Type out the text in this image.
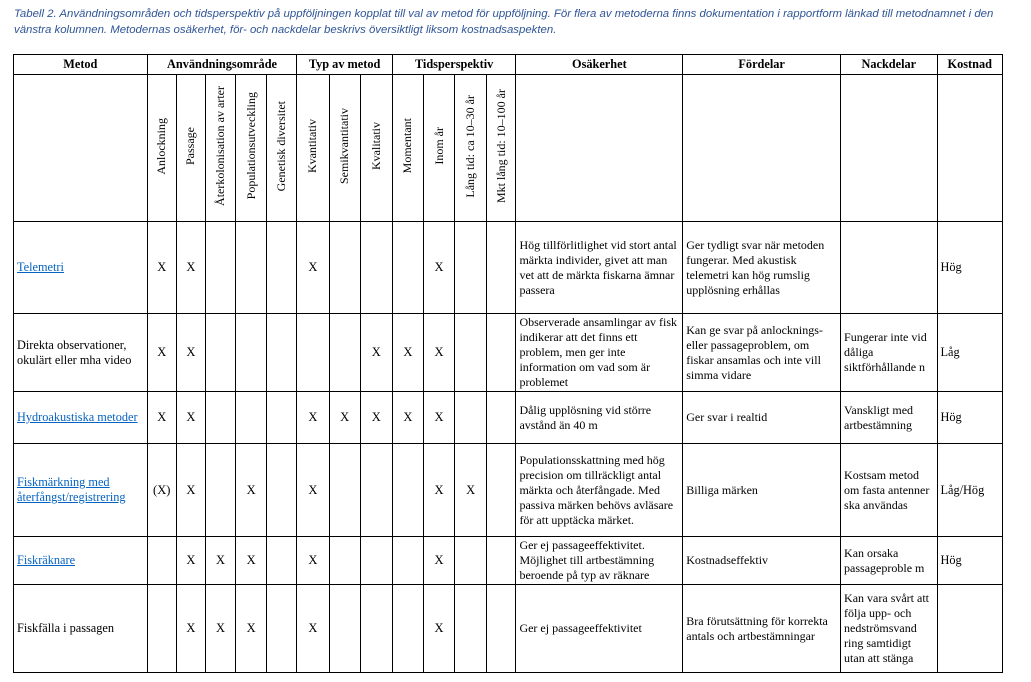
Tabell 2. Användningsområden och tidsperspektiv på uppföljningen kopplat till val av metod för uppföljning. För flera av metoderna finns dokumentation i rapportform länkad till metodnamnet i den vänstra kolumnen. Metodernas osäkerhet, för- och nackdelar beskrivs översiktligt liksom kostnadsaspekten.
Metod	Användningsområde					Typ av metod			Tidsperspektiv				Osäkerhet	Fördelar	Nackdelar	Kostnad
	Anlockning	Passage	Återkolonisation av arter	Populationsutveckling	Genetisk diversitet	Kvantitativ	Semikvantitativ	Kvalitativ	Momentant	Inom år	Lång tid: ca 10–30 år	Mkt lång tid: 10–100 år				
Telemetri	X	X				X				X			Hög tillförlitlighet vid stort antal märkta individer, givet att man vet att de märkta fiskarna ämnar passera	Ger tydligt svar när metoden fungerar. Med akustisk telemetri kan hög rumslig upplösning erhållas		Hög
Direkta observationer, okulärt eller mha video	X	X						X	X	X			Observerade ansamlingar av fisk indikerar att det finns ett problem, men ger inte information om vad som är problemet	Kan ge svar på anlocknings- eller passageproblem, om fiskar ansamlas och inte vill simma vidare	Fungerar inte vid dåliga siktförhållande n	Låg
Hydroakustiska metoder	X	X				X	X	X	X	X			Dålig upplösning vid större avstånd än 40 m	Ger svar i realtid	Vanskligt med artbestämning	Hög
Fiskmärkning med återfångst/registrering	(X)	X		X		X				X	X		Populationsskattning med hög precision om tillräckligt antal märkta och återfångade. Med passiva märken behövs avläsare för att upptäcka märket.	Billiga märken	Kostsam metod om fasta antenner ska användas	Låg/Hög
Fiskräknare		X	X	X		X				X			Ger ej passageeffektivitet. Möjlighet till artbestämning beroende på typ av räknare	Kostnadseffektiv	Kan orsaka passageproble m	Hög
Fiskfälla i passagen		X	X	X		X				X			Ger ej passageeffektivitet	Bra förutsättning för korrekta antals och artbestämningar	Kan vara svårt att följa upp- och nedströmsvand ring samtidigt utan att stänga	
